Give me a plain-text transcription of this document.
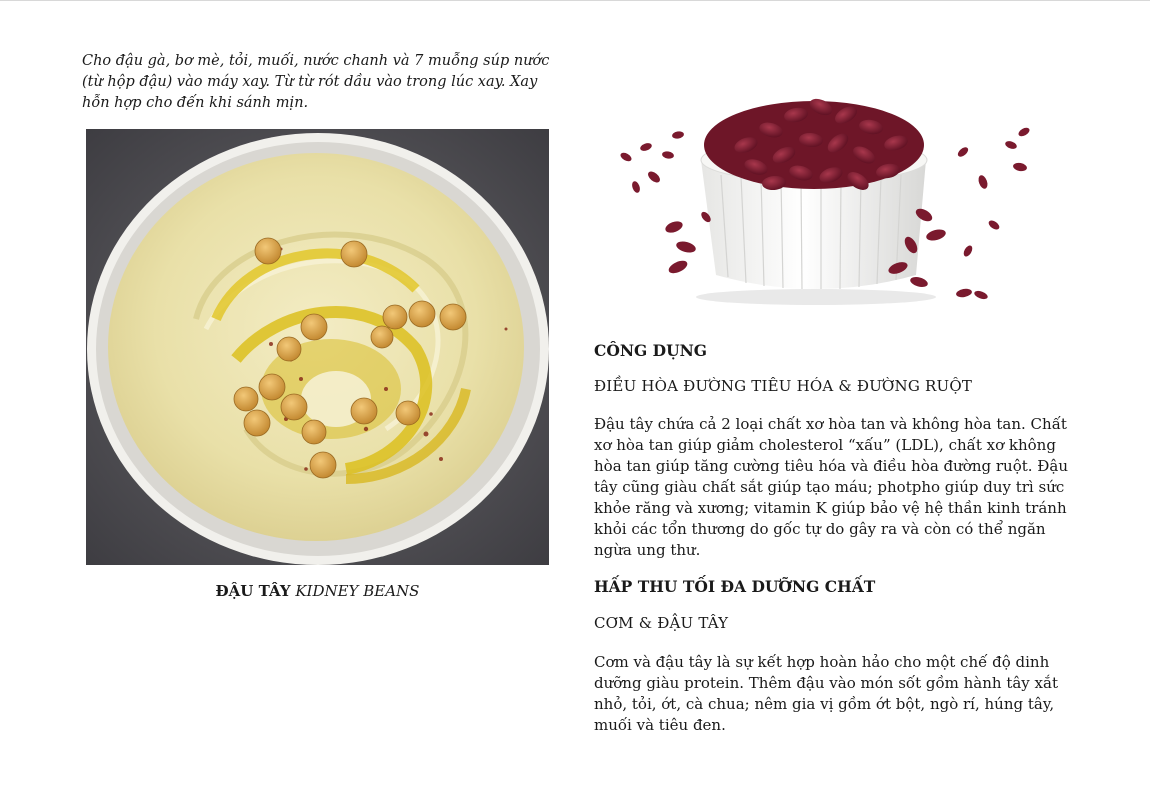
Cho đậu gà, bơ mè, tỏi, muối, nước chanh và 7 muỗng súp nước (từ hộp đậu) vào máy xay. Từ từ rót dầu vào trong lúc xay. Xay hỗn hợp cho đến khi sánh mịn.

ĐẬU TÂY KIDNEY BEANS

CÔNG DỤNG

ĐIỀU HÒA ĐƯỜNG TIÊU HÓA & ĐƯỜNG RUỘT

Đậu tây chứa cả 2 loại chất xơ hòa tan và không hòa tan. Chất xơ hòa tan giúp giảm cholesterol “xấu” (LDL), chất xơ không hòa tan giúp tăng cường tiêu hóa và điều hòa đường ruột. Đậu tây cũng giàu chất sắt giúp tạo máu; photpho giúp duy trì sức khỏe răng và xương; vitamin K giúp bảo vệ hệ thần kinh tránh khỏi các tổn thương do gốc tự do gây ra và còn có thể ngăn ngừa ung thư.

HẤP THU TỐI ĐA DƯỠNG CHẤT

CƠM & ĐẬU TÂY

Cơm và đậu tây là sự kết hợp hoàn hảo cho một chế độ dinh dưỡng giàu protein. Thêm đậu vào món sốt gồm hành tây xắt nhỏ, tỏi, ớt, cà chua; nêm gia vị gồm ớt bột, ngò rí, húng tây, muối và tiêu đen.
